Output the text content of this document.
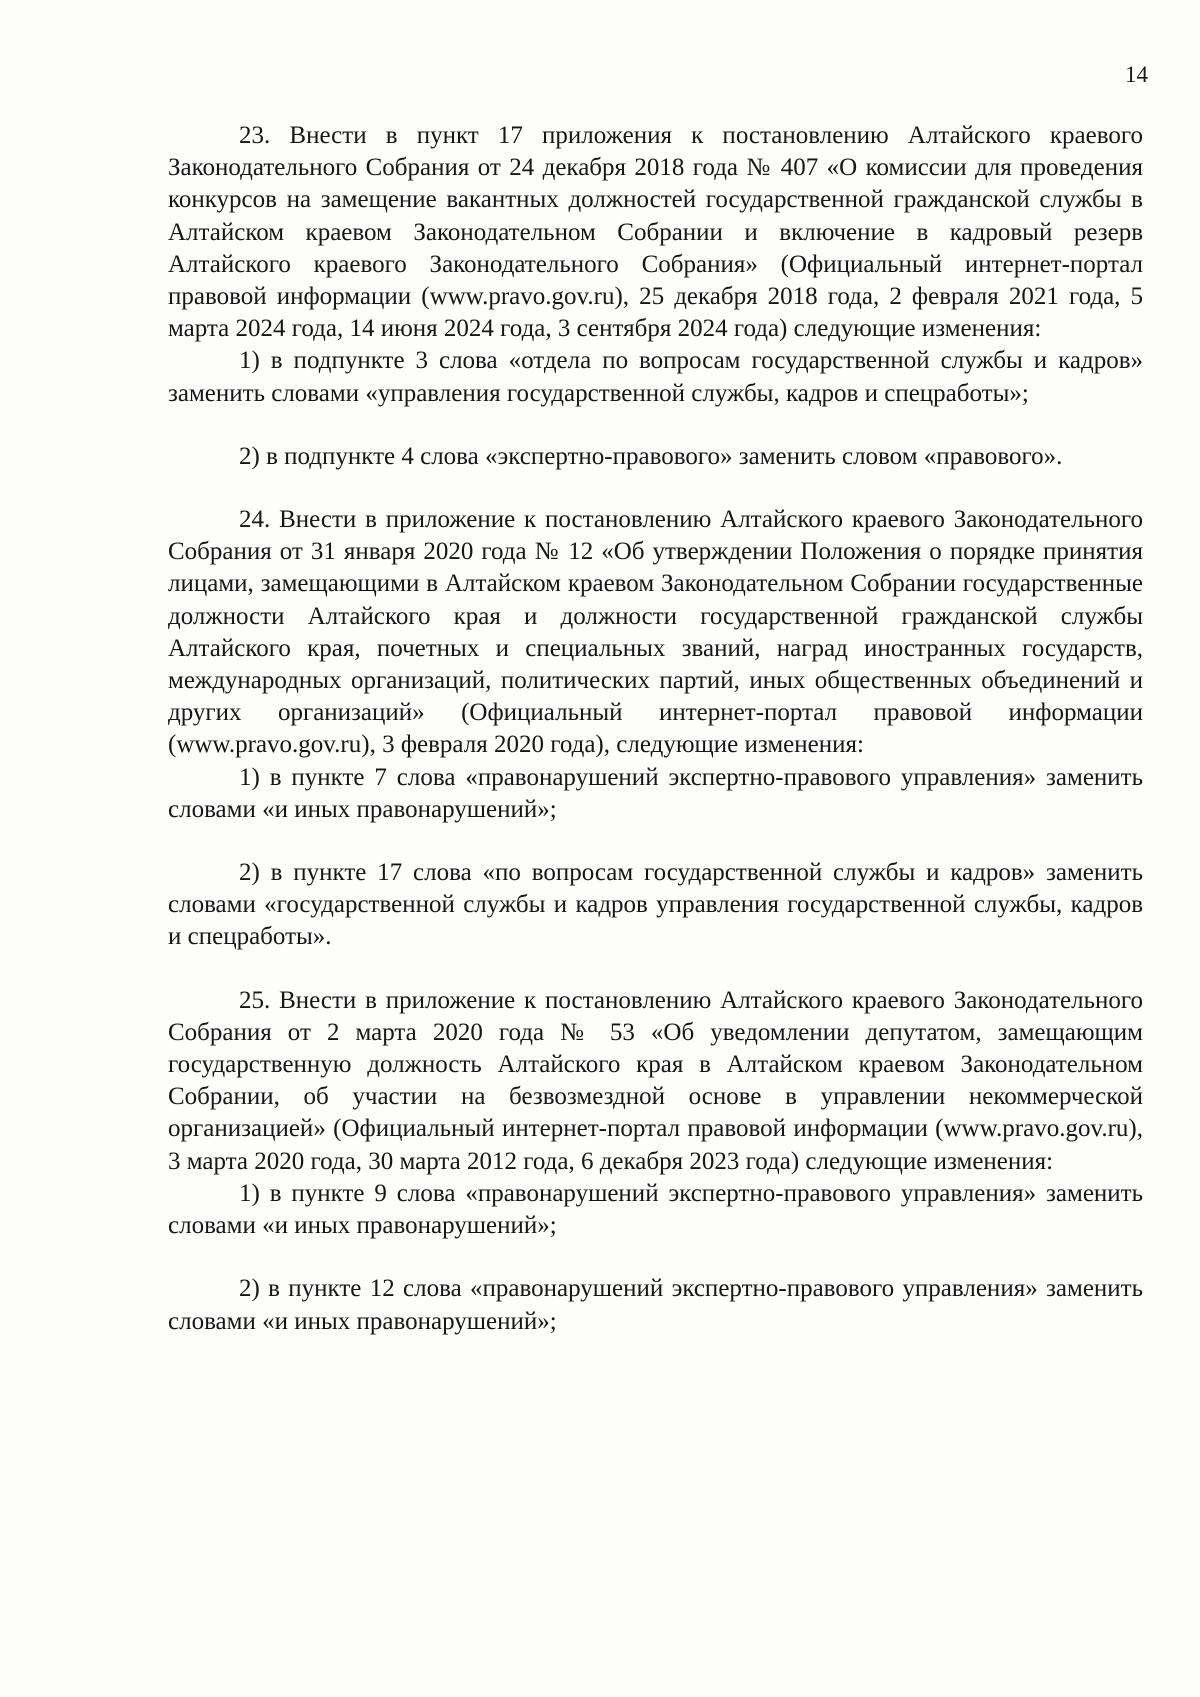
14

23. Внести в пункт 17 приложения к постановлению Алтайского краевого Законодательного Собрания от 24 декабря 2018 года № 407 «О комиссии для проведения конкурсов на замещение вакантных должностей государственной гражданской службы в Алтайском краевом Законодательном Собрании и включение в кадровый резерв Алтайского краевого Законодательного Собрания» (Официальный интернет-портал правовой информации (www.pravo.gov.ru), 25 декабря 2018 года, 2 февраля 2021 года, 5 марта 2024 года, 14 июня 2024 года, 3 сентября 2024 года) следующие изменения:

1) в подпункте 3 слова «отдела по вопросам государственной службы и кадров» заменить словами «управления государственной службы, кадров и спецработы»;

2) в подпункте 4 слова «экспертно-правового» заменить словом «правового».

24. Внести в приложение к постановлению Алтайского краевого Законодательного Собрания от 31 января 2020 года № 12 «Об утверждении Положения о порядке принятия лицами, замещающими в Алтайском краевом Законодательном Собрании государственные должности Алтайского края и должности государственной гражданской службы Алтайского края, почетных и специальных званий, наград иностранных государств, международных организаций, политических партий, иных общественных объединений и других организаций» (Официальный интернет-портал правовой информации (www.pravo.gov.ru), 3 февраля 2020 года), следующие изменения:

1) в пункте 7 слова «правонарушений экспертно-правового управления» заменить словами «и иных правонарушений»;

2) в пункте 17 слова «по вопросам государственной службы и кадров» заменить словами «государственной службы и кадров управления государственной службы, кадров и спецработы».

25. Внести в приложение к постановлению Алтайского краевого Законодательного Собрания от 2 марта 2020 года № 53 «Об уведомлении депутатом, замещающим государственную должность Алтайского края в Алтайском краевом Законодательном Собрании, об участии на безвозмездной основе в управлении некоммерческой организацией» (Официальный интернет-портал правовой информации (www.pravo.gov.ru), 3 марта 2020 года, 30 марта 2012 года, 6 декабря 2023 года) следующие изменения:

1) в пункте 9 слова «правонарушений экспертно-правового управления» заменить словами «и иных правонарушений»;

2) в пункте 12 слова «правонарушений экспертно-правового управления» заменить словами «и иных правонарушений»;
